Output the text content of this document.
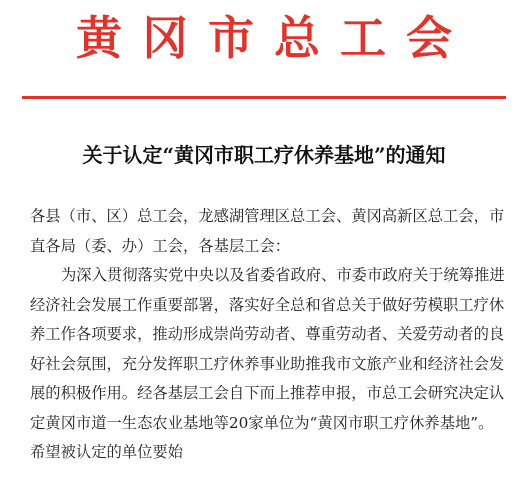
黄冈市总工会
关于认定“黄冈市职工疗休养基地”的通知

各县（市、区）总工会，龙感湖管理区总工会、黄冈高新区总工会，市直各局（委、办）工会，各基层工会：

为深入贯彻落实党中央以及省委省政府、市委市政府关于统筹推进经济社会发展工作重要部署，落实好全总和省总关于做好劳模职工疗休养工作各项要求，推动形成崇尚劳动者、尊重劳动者、关爱劳动者的良好社会氛围，充分发挥职工疗休养事业助推我市文旅产业和经济社会发展的积极作用。经各基层工会自下而上推荐申报，市总工会研究决定认定黄冈市道一生态农业基地等20家单位为“黄冈市职工疗休养基地”。希望被认定的单位要始
